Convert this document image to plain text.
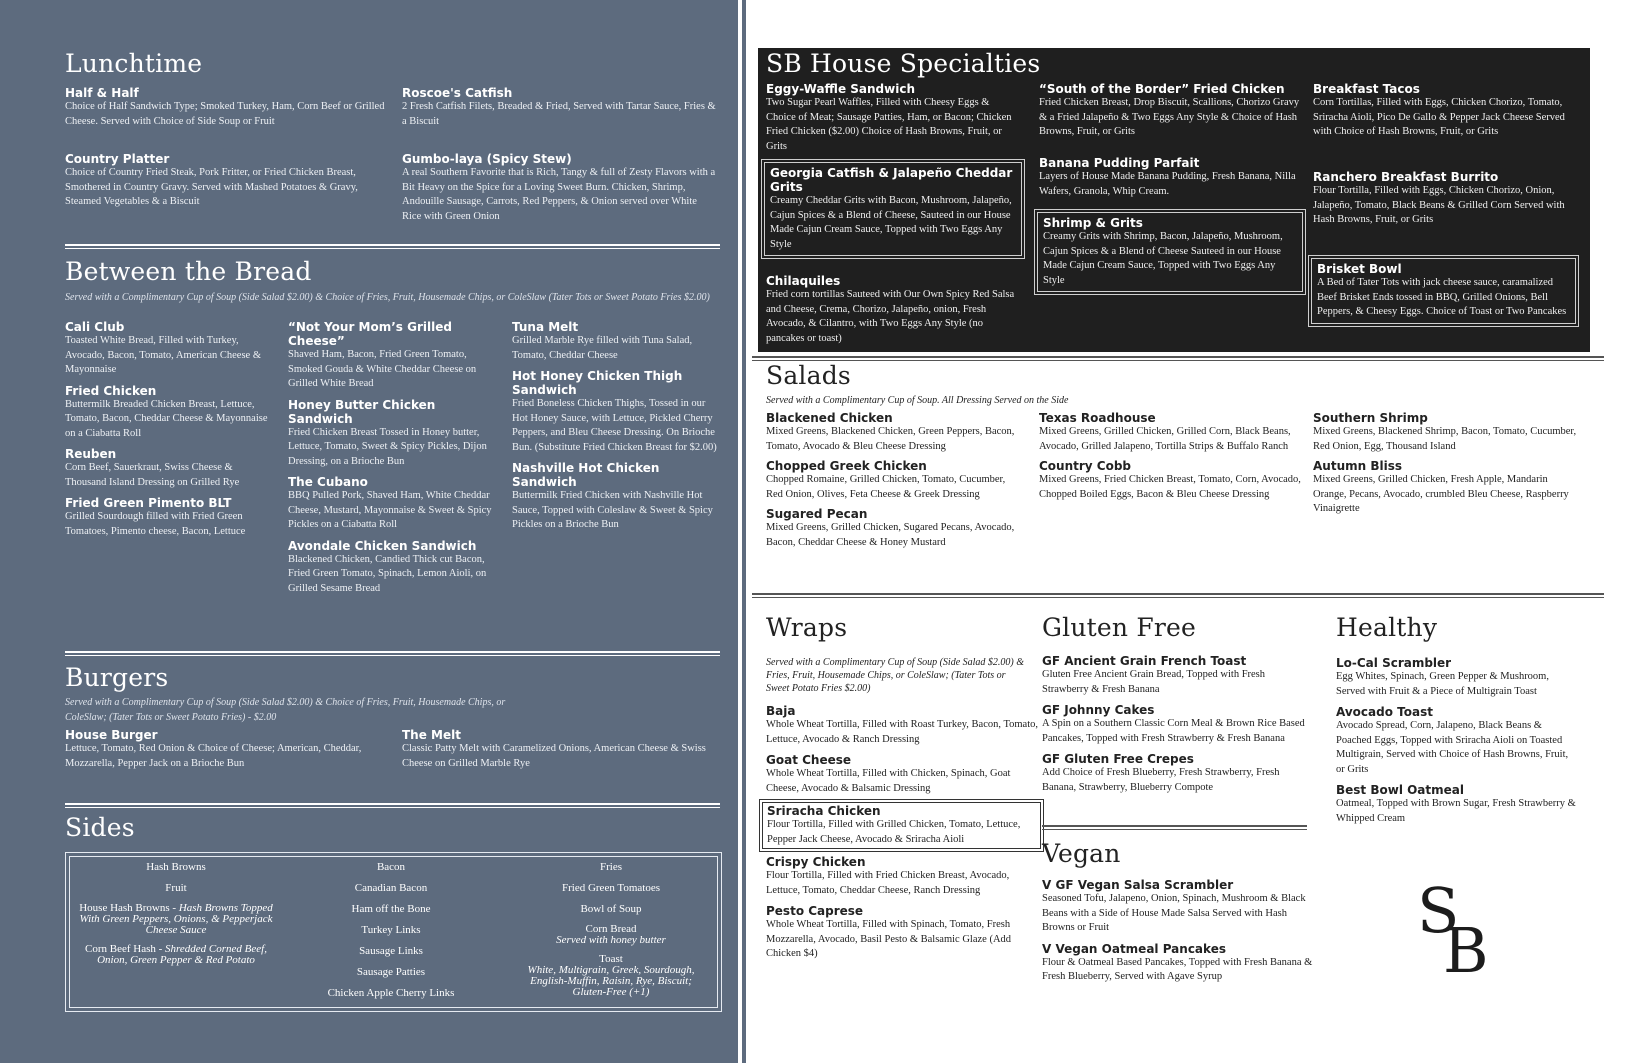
Lunchtime
Half & Half
Choice of Half Sandwich Type; Smoked Turkey, Ham, Corn Beef or Grilled Cheese. Served with Choice of Side Soup or Fruit
Roscoe's Catfish
2 Fresh Catfish Filets, Breaded & Fried, Served with Tartar Sauce, Fries & a Biscuit
Country Platter
Choice of Country Fried Steak, Pork Fritter, or Fried Chicken Breast, Smothered in Country Gravy. Served with Mashed Potatoes & Gravy, Steamed Vegetables & a Biscuit
Gumbo-laya (Spicy Stew)
A real Southern Favorite that is Rich, Tangy & full of Zesty Flavors with a Bit Heavy on the Spice for a Loving Sweet Burn. Chicken, Shrimp, Andouille Sausage, Carrots, Red Peppers, & Onion served over White Rice with Green Onion
Between the Bread
Served with a Complimentary Cup of Soup (Side Salad $2.00) & Choice of Fries, Fruit, Housemade Chips, or ColeSlaw (Tater Tots or Sweet Potato Fries $2.00)
Cali Club
Toasted White Bread, Filled with Turkey, Avocado, Bacon, Tomato, American Cheese & Mayonnaise
Fried Chicken
Buttermilk Breaded Chicken Breast, Lettuce, Tomato, Bacon, Cheddar Cheese & Mayonnaise on a Ciabatta Roll
Reuben
Corn Beef, Sauerkraut, Swiss Cheese & Thousand Island Dressing on Grilled Rye
Fried Green Pimento BLT
Grilled Sourdough filled with Fried Green Tomatoes, Pimento cheese, Bacon, Lettuce
“Not Your Mom’s Grilled Cheese”
Shaved Ham, Bacon, Fried Green Tomato, Smoked Gouda & White Cheddar Cheese on Grilled White Bread
Honey Butter Chicken Sandwich
Fried Chicken Breast Tossed in Honey butter, Lettuce, Tomato, Sweet & Spicy Pickles, Dijon Dressing, on a Brioche Bun
The Cubano
BBQ Pulled Pork, Shaved Ham, White Cheddar Cheese, Mustard, Mayonnaise & Sweet & Spicy Pickles on a Ciabatta Roll
Avondale Chicken Sandwich
Blackened Chicken, Candied Thick cut Bacon, Fried Green Tomato, Spinach, Lemon Aioli, on Grilled Sesame Bread
Tuna Melt
Grilled Marble Rye filled with Tuna Salad, Tomato, Cheddar Cheese
Hot Honey Chicken Thigh Sandwich
Fried Boneless Chicken Thighs, Tossed in our Hot Honey Sauce, with Lettuce, Pickled Cherry Peppers, and Bleu Cheese Dressing. On Brioche Bun. (Substitute Fried Chicken Breast for $2.00)
Nashville Hot Chicken Sandwich
Buttermilk Fried Chicken with Nashville Hot Sauce, Topped with Coleslaw & Sweet & Spicy Pickles on a Brioche Bun
Burgers
Served with a Complimentary Cup of Soup (Side Salad $2.00) & Choice of Fries, Fruit, Housemade Chips, or ColeSlaw; (Tater Tots or Sweet Potato Fries) - $2.00
House Burger
Lettuce, Tomato, Red Onion & Choice of Cheese; American, Cheddar, Mozzarella, Pepper Jack on a Brioche Bun
The Melt
Classic Patty Melt with Caramelized Onions, American Cheese & Swiss Cheese on Grilled Marble Rye
Sides
Hash Browns
Fruit
House Hash Browns - Hash Browns Topped With Green Peppers, Onions, & Pepperjack Cheese Sauce
Corn Beef Hash - Shredded Corned Beef, Onion, Green Pepper & Red Potato
Bacon
Canadian Bacon
Ham off the Bone
Turkey Links
Sausage Links
Sausage Patties
Chicken Apple Cherry Links
Fries
Fried Green Tomatoes
Bowl of Soup
Corn Bread
Served with honey butter
Toast
White, Multigrain, Greek, Sourdough, English-Muffin, Raisin, Rye, Biscuit; Gluten-Free (+1)
SB House Specialties
Eggy-Waffle Sandwich
Two Sugar Pearl Waffles, Filled with Cheesy Eggs & Choice of Meat; Sausage Patties, Ham, or Bacon; Chicken Fried Chicken ($2.00) Choice of Hash Browns, Fruit, or Grits
Georgia Catfish & Jalapeño Cheddar Grits
Creamy Cheddar Grits with Bacon, Mushroom, Jalapeño, Cajun Spices & a Blend of Cheese, Sauteed in our House Made Cajun Cream Sauce, Topped with Two Eggs Any Style
Chilaquiles
Fried corn tortillas Sauteed with Our Own Spicy Red Salsa and Cheese, Crema, Chorizo, Jalapeño, onion, Fresh Avocado, & Cilantro, with Two Eggs Any Style (no pancakes or toast)
“South of the Border” Fried Chicken
Fried Chicken Breast, Drop Biscuit, Scallions, Chorizo Gravy & a Fried Jalapeño & Two Eggs Any Style & Choice of Hash Browns, Fruit, or Grits
Banana Pudding Parfait
Layers of House Made Banana Pudding, Fresh Banana, Nilla Wafers, Granola, Whip Cream.
Shrimp & Grits
Creamy Grits with Shrimp, Bacon, Jalapeño, Mushroom, Cajun Spices & a Blend of Cheese Sauteed in our House Made Cajun Cream Sauce, Topped with Two Eggs Any Style
Breakfast Tacos
Corn Tortillas, Filled with Eggs, Chicken Chorizo, Tomato, Sriracha Aioli, Pico De Gallo & Pepper Jack Cheese Served with Choice of Hash Browns, Fruit, or Grits
Ranchero Breakfast Burrito
Flour Tortilla, Filled with Eggs, Chicken Chorizo, Onion, Jalapeño, Tomato, Black Beans & Grilled Corn Served with Hash Browns, Fruit, or Grits
Brisket Bowl
A Bed of Tater Tots with jack cheese sauce, caramalized Beef Brisket Ends tossed in BBQ, Grilled Onions, Bell Peppers, & Cheesy Eggs. Choice of Toast or Two Pancakes
Salads
Served with a Complimentary Cup of Soup. All Dressing Served on the Side
Blackened Chicken
Mixed Greens, Blackened Chicken, Green Peppers, Bacon, Tomato, Avocado & Bleu Cheese Dressing
Chopped Greek Chicken
Chopped Romaine, Grilled Chicken, Tomato, Cucumber, Red Onion, Olives, Feta Cheese & Greek Dressing
Sugared Pecan
Mixed Greens, Grilled Chicken, Sugared Pecans, Avocado, Bacon, Cheddar Cheese & Honey Mustard
Texas Roadhouse
Mixed Greens, Grilled Chicken, Grilled Corn, Black Beans, Avocado, Grilled Jalapeno, Tortilla Strips & Buffalo Ranch
Country Cobb
Mixed Greens, Fried Chicken Breast, Tomato, Corn, Avocado, Chopped Boiled Eggs, Bacon & Bleu Cheese Dressing
Southern Shrimp
Mixed Greens, Blackened Shrimp, Bacon, Tomato, Cucumber, Red Onion, Egg, Thousand Island
Autumn Bliss
Mixed Greens, Grilled Chicken, Fresh Apple, Mandarin Orange, Pecans, Avocado, crumbled Bleu Cheese, Raspberry Vinaigrette
Wraps
Served with a Complimentary Cup of Soup (Side Salad $2.00) & Fries, Fruit, Housemade Chips, or ColeSlaw; (Tater Tots or Sweet Potato Fries $2.00)
Baja
Whole Wheat Tortilla, Filled with Roast Turkey, Bacon, Tomato, Lettuce, Avocado & Ranch Dressing
Goat Cheese
Whole Wheat Tortilla, Filled with Chicken, Spinach, Goat Cheese, Avocado & Balsamic Dressing
Sriracha Chicken
Flour Tortilla, Filled with Grilled Chicken, Tomato, Lettuce, Pepper Jack Cheese, Avocado & Sriracha Aioli
Crispy Chicken
Flour Tortilla, Filled with Fried Chicken Breast, Avocado, Lettuce, Tomato, Cheddar Cheese, Ranch Dressing
Pesto Caprese
Whole Wheat Tortilla, Filled with Spinach, Tomato, Fresh Mozzarella, Avocado, Basil Pesto & Balsamic Glaze (Add Chicken $4)
Gluten Free
GF Ancient Grain French Toast
Gluten Free Ancient Grain Bread, Topped with Fresh Strawberry & Fresh Banana
GF Johnny Cakes
A Spin on a Southern Classic Corn Meal & Brown Rice Based Pancakes, Topped with Fresh Strawberry & Fresh Banana
GF Gluten Free Crepes
Add Choice of Fresh Blueberry, Fresh Strawberry, Fresh Banana, Strawberry, Blueberry Compote
Vegan
V GF Vegan Salsa Scrambler
Seasoned Tofu, Jalapeno, Onion, Spinach, Mushroom & Black Beans with a Side of House Made Salsa Served with Hash Browns or Fruit
V Vegan Oatmeal Pancakes
Flour & Oatmeal Based Pancakes, Topped with Fresh Banana & Fresh Blueberry, Served with Agave Syrup
Healthy
Lo-Cal Scrambler
Egg Whites, Spinach, Green Pepper & Mushroom, Served with Fruit & a Piece of Multigrain Toast
Avocado Toast
Avocado Spread, Corn, Jalapeno, Black Beans & Poached Eggs, Topped with Sriracha Aioli on Toasted Multigrain, Served with Choice of Hash Browns, Fruit, or Grits
Best Bowl Oatmeal
Oatmeal, Topped with Brown Sugar, Fresh Strawberry & Whipped Cream
S
B
